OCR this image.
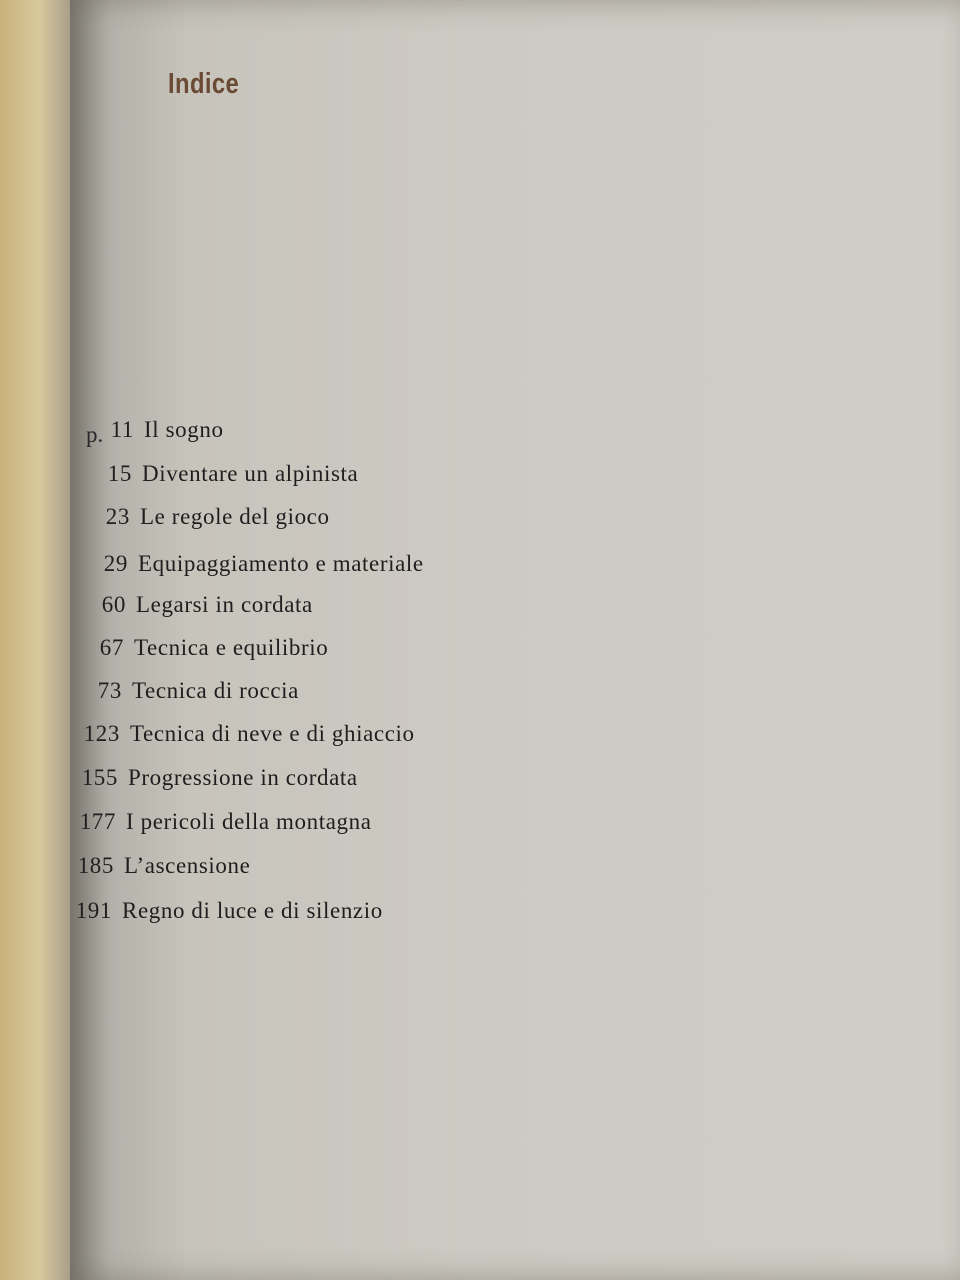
Indice
p. 11 Il sogno
15 Diventare un alpinista
23 Le regole del gioco
29 Equipaggiamento e materiale
60 Legarsi in cordata
67 Tecnica e equilibrio
73 Tecnica di roccia
123 Tecnica di neve e di ghiaccio
155 Progressione in cordata
177 I pericoli della montagna
185 L’ascensione
191 Regno di luce e di silenzio
